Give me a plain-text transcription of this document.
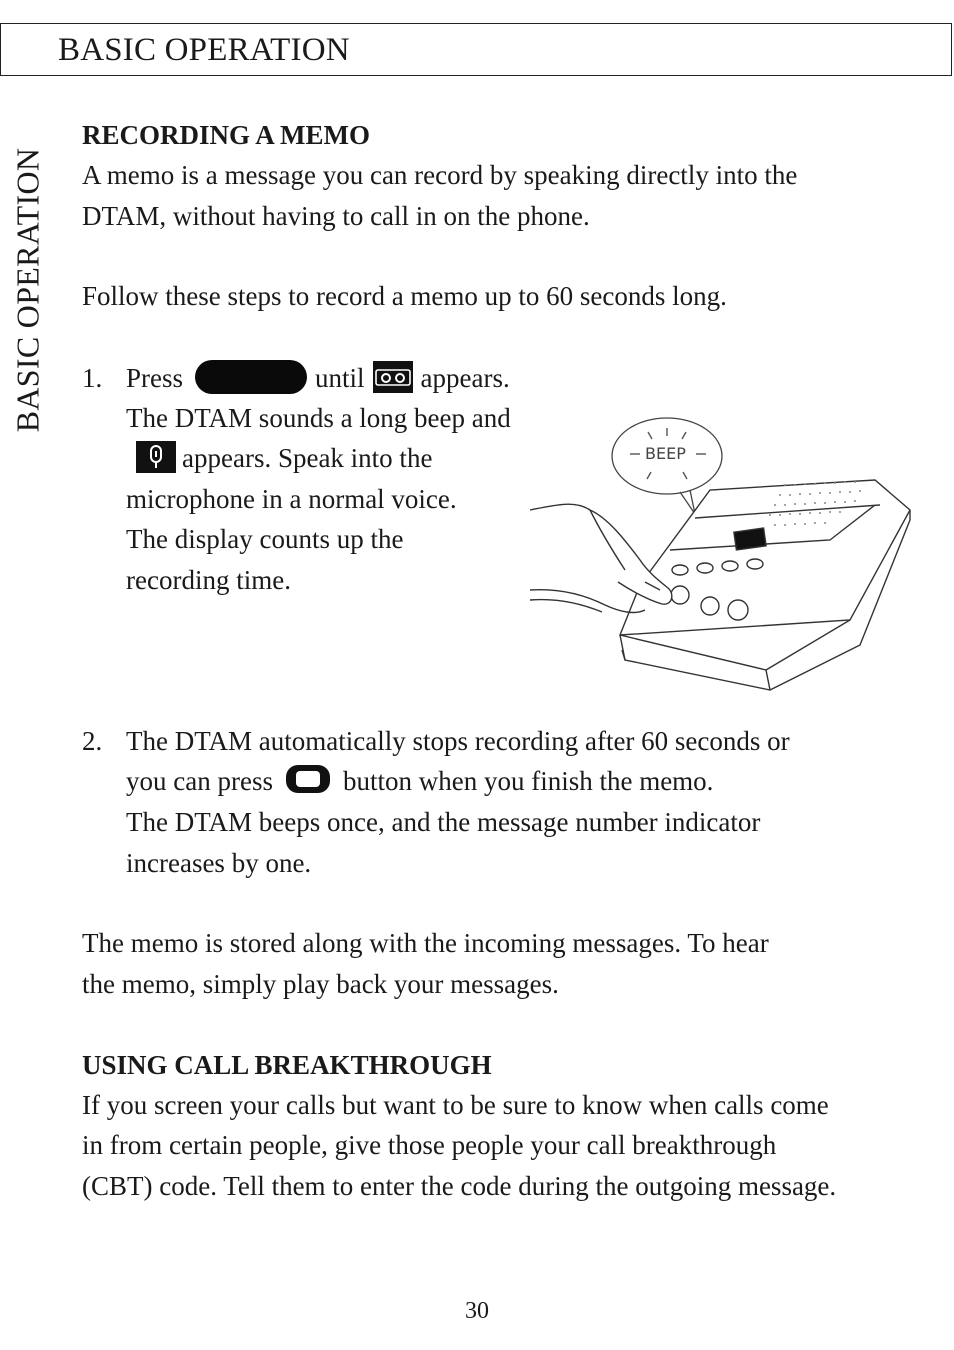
BASIC OPERATION
BASIC OPERATION
RECORDING A MEMO
A memo is a message you can record by speaking directly into the
DTAM, without having to call in on the phone.
Follow these steps to record a memo up to 60 seconds long.
1. Press	until appears.
The DTAM sounds a long beep and
appears. Speak into the
microphone in a normal voice.
The display counts up the
recording time.
BEEP
2. The DTAM automatically stops recording after 60 seconds or
you can press	button when you finish the memo.
The DTAM beeps once, and the message number indicator
increases by one.
The memo is stored along with the incoming messages. To hear
the memo, simply play back your messages.
USING CALL BREAKTHROUGH
If you screen your calls but want to be sure to know when calls come
in from certain people, give those people your call breakthrough
(CBT) code. Tell them to enter the code during the outgoing message.
30
